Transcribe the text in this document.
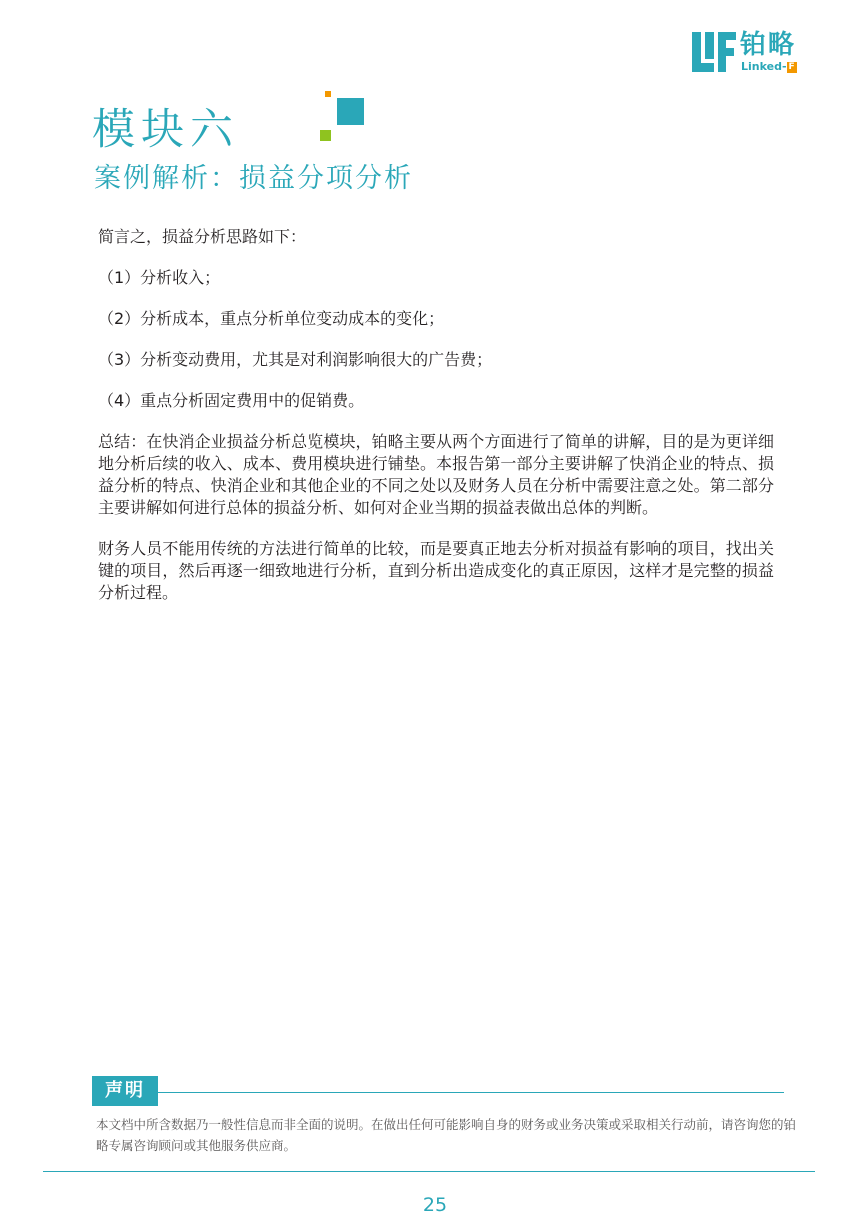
铂略
Linked- F
模块六
案例解析：损益分项分析

简言之，损益分析思路如下：

（1）分析收入；

（2）分析成本，重点分析单位变动成本的变化；

（3）分析变动费用，尤其是对利润影响很大的广告费；

（4）重点分析固定费用中的促销费。

总结：在快消企业损益分析总览模块，铂略主要从两个方面进行了简单的讲解，目的是为更详细地分析后续的收入、成本、费用模块进行铺垫。本报告第一部分主要讲解了快消企业的特点、损益分析的特点、快消企业和其他企业的不同之处以及财务人员在分析中需要注意之处。第二部分主要讲解如何进行总体的损益分析、如何对企业当期的损益表做出总体的判断。

财务人员不能用传统的方法进行简单的比较，而是要真正地去分析对损益有影响的项目，找出关键的项目，然后再逐一细致地进行分析，直到分析出造成变化的真正原因，这样才是完整的损益分析过程。

声明
本文档中所含数据乃一般性信息而非全面的说明。在做出任何可能影响自身的财务或业务决策或采取相关行动前，请咨询您的铂略专属咨询顾问或其他服务供应商。
25
